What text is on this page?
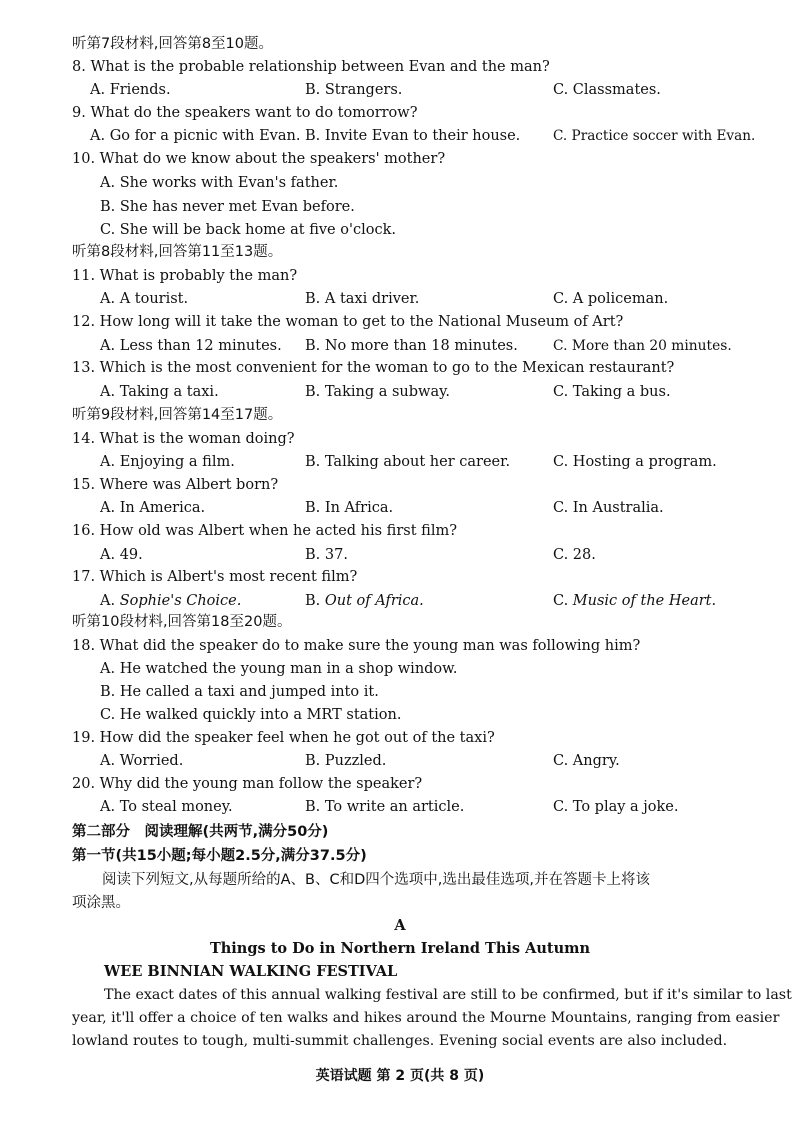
听第7段材料,回答第8至10题。
8. What is the probable relationship between Evan and the man?
A. Friends.	B. Strangers.	C. Classmates.
9. What do the speakers want to do tomorrow?
A. Go for a picnic with Evan. B. Invite Evan to their house. C. Practice soccer with Evan.
10. What do we know about the speakers' mother?
A. She works with Evan's father.
B. She has never met Evan before.
C. She will be back home at five o'clock.
听第8段材料,回答第11至13题。
11. What is probably the man?
A. A tourist.	B. A taxi driver.	C. A policeman.
12. How long will it take the woman to get to the National Museum of Art?
A. Less than 12 minutes. B. No more than 18 minutes.	C. More than 20 minutes.
13. Which is the most convenient for the woman to go to the Mexican restaurant?
A. Taking a taxi.	B. Taking a subway.	C. Taking a bus.
听第9段材料,回答第14至17题。
14. What is the woman doing?
A. Enjoying a film.	B. Talking about her career.	C. Hosting a program.
15. Where was Albert born?
A. In America.	B. In Africa.	C. In Australia.
16. How old was Albert when he acted his first film?
A. 49.	B. 37.	C. 28.
17. Which is Albert's most recent film?
A. Sophie's Choice.	B. Out of Africa.	C. Music of the Heart.
听第10段材料,回答第18至20题。
18. What did the speaker do to make sure the young man was following him?
A. He watched the young man in a shop window.
B. He called a taxi and jumped into it.
C. He walked quickly into a MRT station.
19. How did the speaker feel when he got out of the taxi?
A. Worried.	B. Puzzled.	C. Angry.
20. Why did the young man follow the speaker?
A. To steal money.	B. To write an article.	C. To play a joke.
第二部分　阅读理解(共两节,满分50分)
第一节(共15小题;每小题2.5分,满分37.5分)
阅读下列短文,从每题所给的A、B、C和D四个选项中,选出最佳选项,并在答题卡上将该
项涂黑。
A
Things to Do in Northern Ireland This Autumn
WEE BINNIAN WALKING FESTIVAL
The exact dates of this annual walking festival are still to be confirmed, but if it's similar to last
year, it'll offer a choice of ten walks and hikes around the Mourne Mountains, ranging from easier
lowland routes to tough, multi-summit challenges. Evening social events are also included.
英语试题 第 2 页(共 8 页)
